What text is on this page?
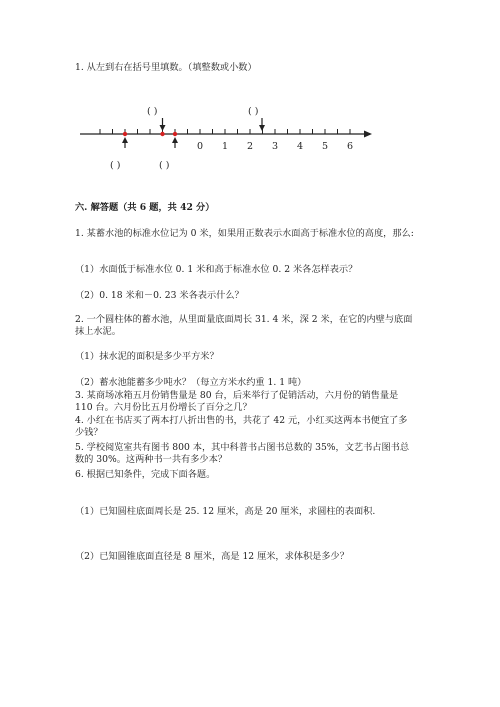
1. 从左到右在括号里填数。（填整数或小数）

0 1 2 3 4 5 6
( )	( )
( )	( )

六. 解答题（共 6 题，共 42 分）

1. 某蓄水池的标准水位记为 0 米，如果用正数表示水面高于标准水位的高度，那么:

（1）水面低于标准水位 0. 1 米和高于标准水位 0. 2 米各怎样表示？

（2）0. 18 米和－0. 23 米各表示什么？

2. 一个圆柱体的蓄水池，从里面量底面周长 31. 4 米，深 2 米，在它的内壁与底面抹上水泥。

（1）抹水泥的面积是多少平方米？

（2）蓄水池能蓄多少吨水？（每立方米水约重 1. 1 吨）

3. 某商场冰箱五月份销售量是 80 台，后来举行了促销活动，六月份的销售量是 110 台。六月份比五月份增长了百分之几？

4. 小红在书店买了两本打八折出售的书，共花了 42 元，小红买这两本书便宜了多少钱？

5. 学校阅览室共有图书 800 本，其中科普书占图书总数的 35%，文艺书占图书总数的 30%。这两种书一共有多少本？

6. 根据已知条件，完成下面各题。

（1）已知圆柱底面周长是 25. 12 厘米，高是 20 厘米，求圆柱的表面积.

（2）已知圆锥底面直径是 8 厘米，高是 12 厘米，求体积是多少？
